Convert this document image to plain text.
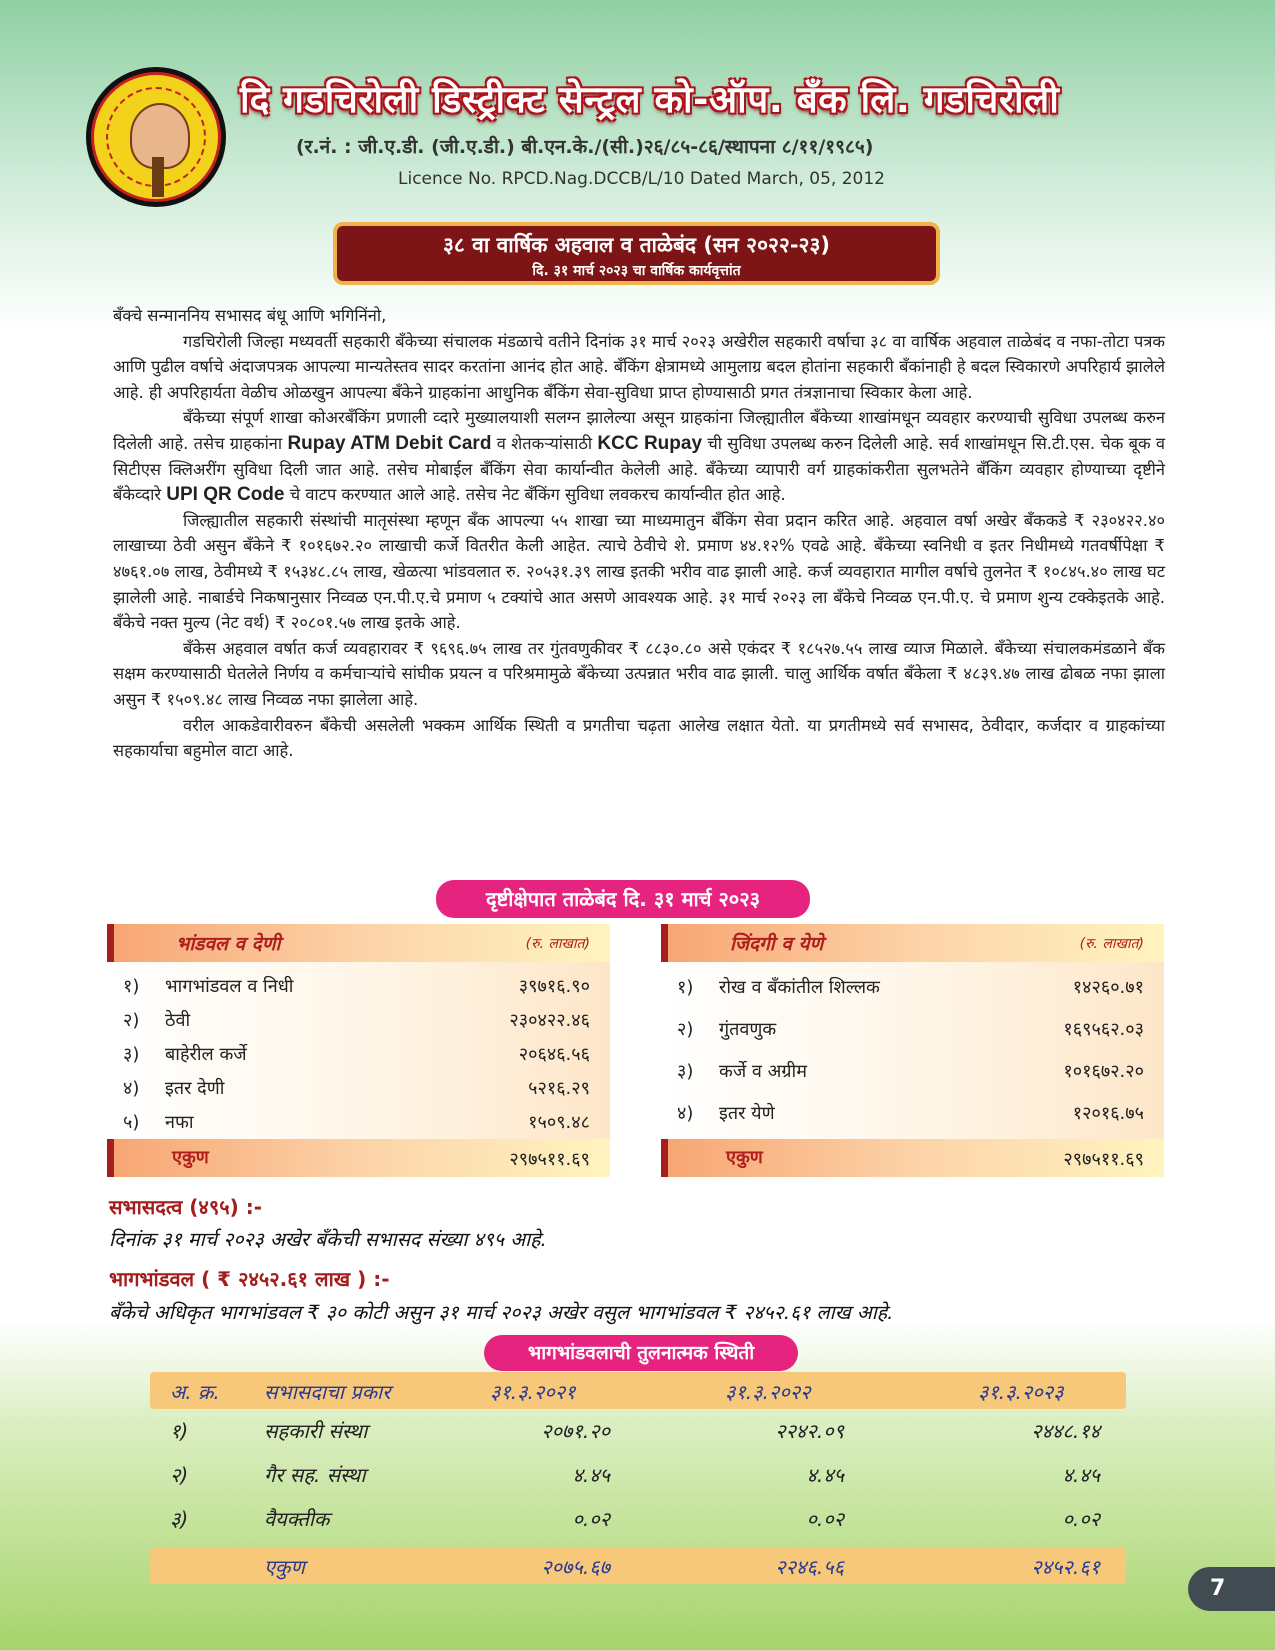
दि गडचिरोली डिस्ट्रीक्ट सेन्ट्रल को-ऑप. बँक लि. गडचिरोली
(र.नं. : जी.ए.डी. (जी.ए.डी.) बी.एन.के./(सी.)२६/८५-८६/स्थापना ८/११/१९८५)
Licence No. RPCD.Nag.DCCB/L/10 Dated March, 05, 2012
३८ वा वार्षिक अहवाल व ताळेबंद (सन २०२२-२३)
दि. ३१ मार्च २०२३ चा वार्षिक कार्यवृत्तांत

बँक्चे सन्माननिय सभासद बंधू आणि भगिनिंनो,

गडचिरोली जिल्हा मध्यवर्ती सहकारी बँकेच्या संचालक मंडळाचे वतीने दिनांक ३१ मार्च २०२३ अखेरील सहकारी वर्षाचा ३८ वा वार्षिक अहवाल ताळेबंद व नफा-तोटा पत्रक आणि पुढील वर्षाचे अंदाजपत्रक आपल्या मान्यतेस्तव सादर करतांना आनंद होत आहे. बँकिंग क्षेत्रामध्ये आमुलाग्र बदल होतांना सहकारी बँकांनाही हे बदल स्विकारणे अपरिहार्य झालेले आहे. ही अपरिहार्यता वेळीच ओळखुन आपल्या बँकेने ग्राहकांना आधुनिक बँकिंग सेवा-सुविधा प्राप्त होण्यासाठी प्रगत तंत्रज्ञानाचा स्विकार केला आहे.

बँकेच्या संपूर्ण शाखा कोअरबँकिंग प्रणाली व्दारे मुख्यालयाशी सलग्न झालेल्या असून ग्राहकांना जिल्ह्यातील बँकेच्या शाखांमधून व्यवहार करण्याची सुविधा उपलब्ध करुन दिलेली आहे. तसेच ग्राहकांना Rupay ATM Debit Card व शेतकऱ्यांसाठी KCC Rupay ची सुविधा उपलब्ध करुन दिलेली आहे. सर्व शाखांमधून सि.टी.एस. चेक बूक व सिटीएस क्लिअरींग सुविधा दिली जात आहे. तसेच मोबाईल बँकिंग सेवा कार्यान्वीत केलेली आहे. बँकेच्या व्यापारी वर्ग ग्राहकांकरीता सुलभतेने बँकिंग व्यवहार होण्याच्या दृष्टीने बँकेव्दारे UPI QR Code चे वाटप करण्यात आले आहे. तसेच नेट बँकिंग सुविधा लवकरच कार्यान्वीत होत आहे.

जिल्ह्यातील सहकारी संस्थांची मातृसंस्था म्हणून बँक आपल्या ५५ शाखा च्या माध्यमातुन बँकिंग सेवा प्रदान करित आहे. अहवाल वर्षा अखेर बँककडे ₹ २३०४२२.४० लाखाच्या ठेवी असुन बँकेने ₹ १०१६७२.२० लाखाची कर्जे वितरीत केली आहेत. त्याचे ठेवीचे शे. प्रमाण ४४.१२% एवढे आहे. बँकेच्या स्वनिधी व इतर निधीमध्ये गतवर्षीपेक्षा ₹ ४७६१.०७ लाख, ठेवीमध्ये ₹ १५३४८.८५ लाख, खेळत्या भांडवलात रु. २०५३१.३९ लाख इतकी भरीव वाढ झाली आहे. कर्ज व्यवहारात मागील वर्षाचे तुलनेत ₹ १०८४५.४० लाख घट झालेली आहे. नाबार्डचे निकषानुसार निव्वळ एन.पी.ए.चे प्रमाण ५ टक्यांचे आत असणे आवश्यक आहे. ३१ मार्च २०२३ ला बँकेचे निव्वळ एन.पी.ए. चे प्रमाण शुन्य टक्केइतके आहे. बँकेचे नक्त मुल्य (नेट वर्थ) ₹ २०८०१.५७ लाख इतके आहे.

बँकेस अहवाल वर्षात कर्ज व्यवहारावर ₹ ९६९६.७५ लाख तर गुंतवणुकीवर ₹ ८८३०.८० असे एकंदर ₹ १८५२७.५५ लाख व्याज मिळाले. बँकेच्या संचालकमंडळाने बँक सक्षम करण्यासाठी घेतलेले निर्णय व कर्मचाऱ्यांचे सांघीक प्रयत्न व परिश्रमामुळे बँकेच्या उत्पन्नात भरीव वाढ झाली. चालु आर्थिक वर्षात बँकेला ₹ ४८३९.४७ लाख ढोबळ नफा झाला असुन ₹ १५०९.४८ लाख निव्वळ नफा झालेला आहे.

वरील आकडेवारीवरुन बँकेची असलेली भक्कम आर्थिक स्थिती व प्रगतीचा चढ़ता आलेख लक्षात येतो. या प्रगतीमध्ये सर्व सभासद, ठेवीदार, कर्जदार व ग्राहकांच्या सहकार्याचा बहुमोल वाटा आहे.

दृष्टीक्षेपात ताळेबंद दि. ३१ मार्च २०२३
भांडवल व देणी	(रु. लाखात)
१) भागभांडवल व निधी	३९७१६.९०
२) ठेवी	२३०४२२.४६
३) बाहेरील कर्जे	२०६४६.५६
४) इतर देणी	५२१६.२९
५) नफा	१५०९.४८
एकुण	२९७५११.६९
जिंदगी व येणे	(रु. लाखात)
१) रोख व बँकांतील शिल्लक	१४२६०.७१
२) गुंतवणुक	१६९५६२.०३
३) कर्जे व अग्रीम	१०१६७२.२०
४) इतर येणे	१२०१६.७५
एकुण	२९७५११.६९
सभासदत्व (४९५) :-
दिनांक ३१ मार्च २०२३ अखेर बँकेची सभासद संख्या ४९५ आहे.
भागभांडवल ( ₹ २४५२.६१ लाख ) :-
बँकेचे अधिकृत भागभांडवल ₹ ३० कोटी असुन ३१ मार्च २०२३ अखेर वसुल भागभांडवल ₹ २४५२.६१ लाख आहे.
भागभांडवलाची तुलनात्मक स्थिती
अ. क्र. सभासदाचा प्रकार	३१.३.२०२१	३१.३.२०२२	३१.३.२०२३
१)	सहकारी संस्था	२०७१.२०	२२४२.०९	२४४८.१४
२)	गैर सह. संस्था	४.४५	४.४५	४.४५
३)	वैयक्तीक	०.०२	०.०२	०.०२
एकुण	२०७५.६७	२२४६.५६	२४५२.६१
7
